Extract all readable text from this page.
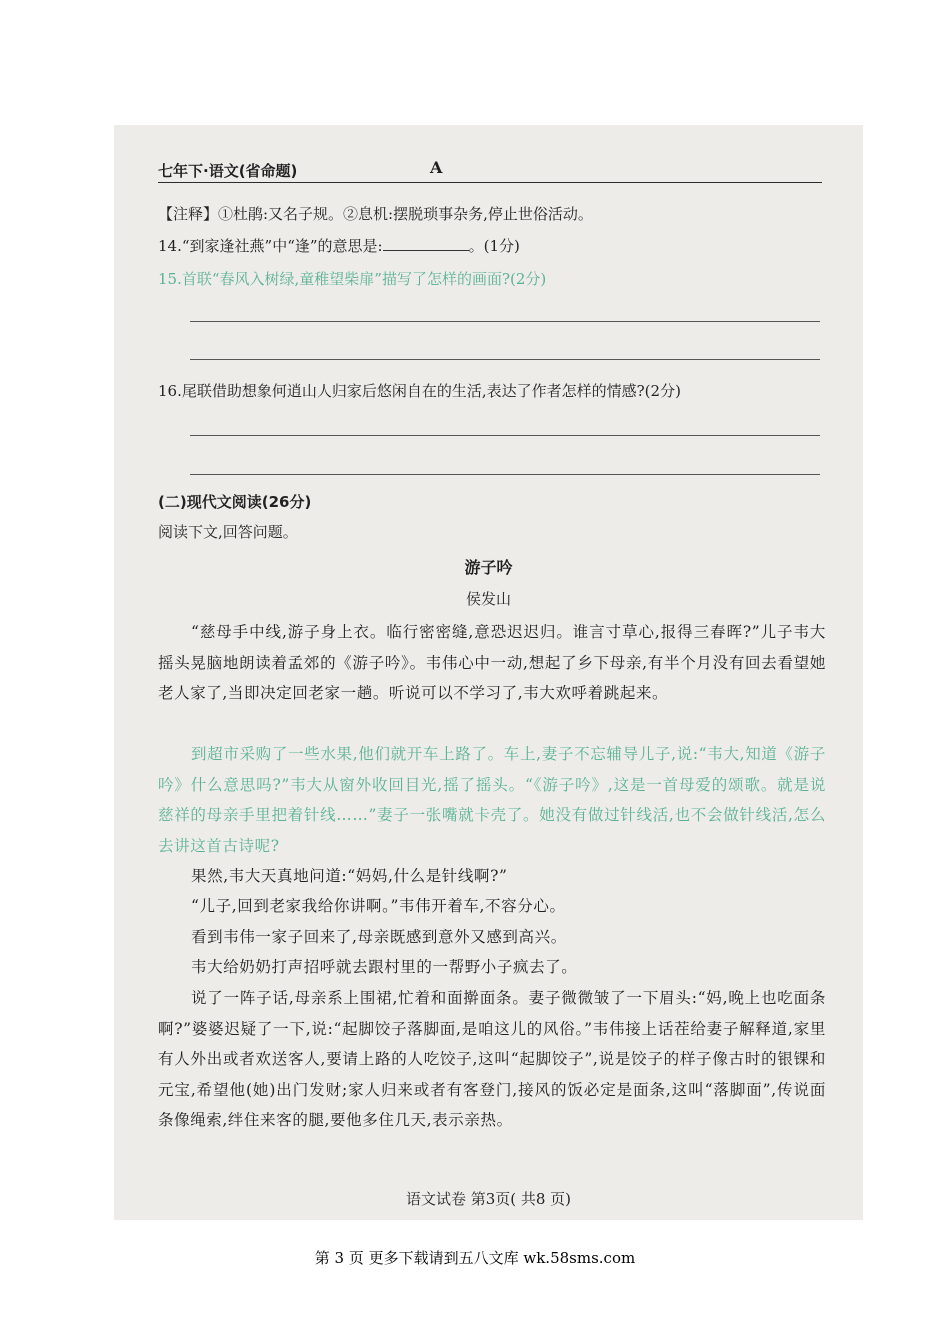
七年下·语文(省命题)	A
【注释】①杜鹃:又名子规。②息机:摆脱琐事杂务,停止世俗活动。
14.“到家逢社燕”中“逢”的意思是:	。(1分)
15.首联“春风入树绿,童稚望柴扉”描写了怎样的画面?(2分)
16.尾联借助想象何逍山人归家后悠闲自在的生活,表达了作者怎样的情感?(2分)
(二)现代文阅读(26分)
阅读下文,回答问题。
游子吟
侯发山
“慈母手中线,游子身上衣。临行密密缝,意恐迟迟归。谁言寸草心,报得三春晖?”儿子韦大摇头晃脑地朗读着孟郊的《游子吟》。韦伟心中一动,想起了乡下母亲,有半个月没有回去看望她老人家了,当即决定回老家一趟。听说可以不学习了,韦大欢呼着跳起来。
到超市采购了一些水果,他们就开车上路了。车上,妻子不忘辅导儿子,说:“韦大,知道《游子吟》什么意思吗?”韦大从窗外收回目光,摇了摇头。“《游子吟》,这是一首母爱的颂歌。就是说慈祥的母亲手里把着针线……”妻子一张嘴就卡壳了。她没有做过针线活,也不会做针线活,怎么去讲这首古诗呢?
果然,韦大天真地问道:“妈妈,什么是针线啊?”
“儿子,回到老家我给你讲啊。”韦伟开着车,不容分心。
看到韦伟一家子回来了,母亲既感到意外又感到高兴。
韦大给奶奶打声招呼就去跟村里的一帮野小子疯去了。
说了一阵子话,母亲系上围裙,忙着和面擀面条。妻子微微皱了一下眉头:“妈,晚上也吃面条啊?”婆婆迟疑了一下,说:“起脚饺子落脚面,是咱这儿的风俗。”韦伟接上话茬给妻子解释道,家里有人外出或者欢送客人,要请上路的人吃饺子,这叫“起脚饺子”,说是饺子的样子像古时的银锞和元宝,希望他(她)出门发财;家人归来或者有客登门,接风的饭必定是面条,这叫“落脚面”,传说面条像绳索,绊住来客的腿,要他多住几天,表示亲热。
语文试卷 第3页( 共8 页)
第 3 页 更多下载请到五八文库 wk.58sms.com
